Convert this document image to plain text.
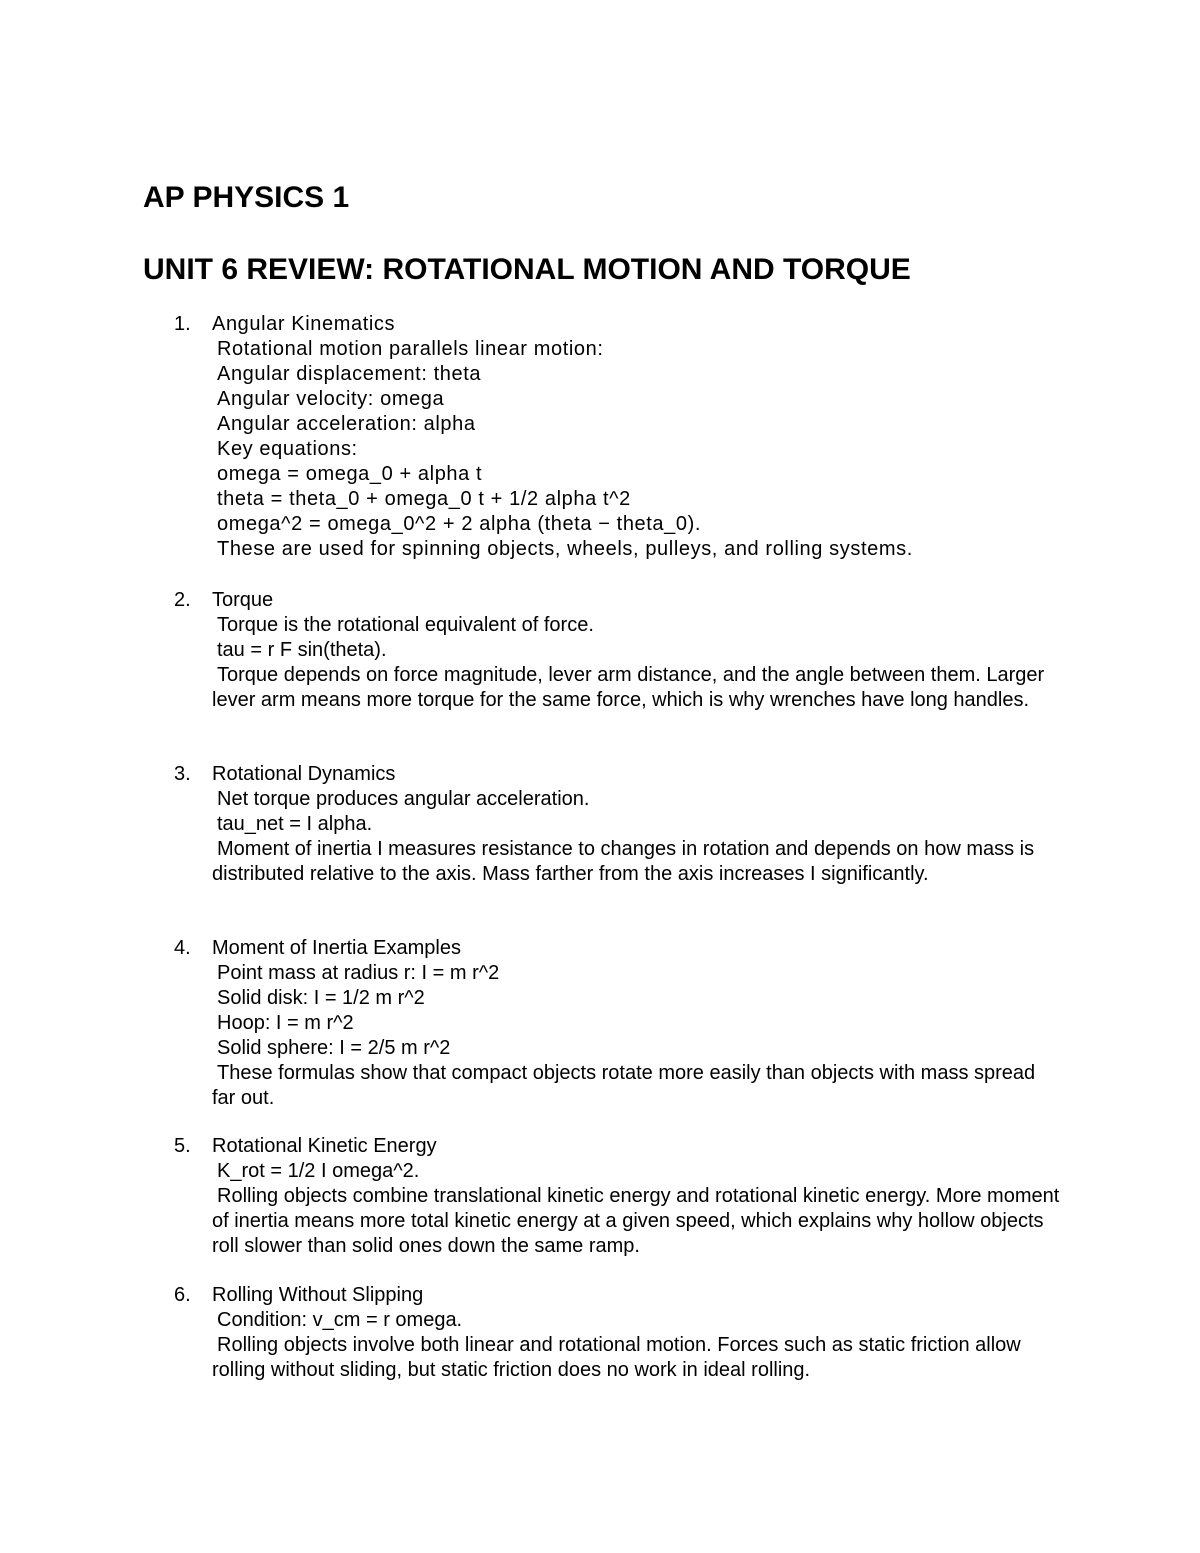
AP PHYSICS 1
UNIT 6 REVIEW: ROTATIONAL MOTION AND TORQUE
1. Angular Kinematics

Rotational motion parallels linear motion:

Angular displacement: theta

Angular velocity: omega

Angular acceleration: alpha

Key equations:

omega = omega_0 + alpha t

theta = theta_0 + omega_0 t + 1/2 alpha t^2

omega^2 = omega_0^2 + 2 alpha (theta − theta_0).

These are used for spinning objects, wheels, pulleys, and rolling systems.

2. Torque

Torque is the rotational equivalent of force.

tau = r F sin(theta).

Torque depends on force magnitude, lever arm distance, and the angle between them. Larger lever arm means more torque for the same force, which is why wrenches have long handles.

3. Rotational Dynamics

Net torque produces angular acceleration.

tau_net = I alpha.

Moment of inertia I measures resistance to changes in rotation and depends on how mass is distributed relative to the axis. Mass farther from the axis increases I significantly.

4. Moment of Inertia Examples

Point mass at radius r: I = m r^2

Solid disk: I = 1/2 m r^2

Hoop: I = m r^2

Solid sphere: I = 2/5 m r^2

These formulas show that compact objects rotate more easily than objects with mass spread far out.

5. Rotational Kinetic Energy

K_rot = 1/2 I omega^2.

Rolling objects combine translational kinetic energy and rotational kinetic energy. More moment of inertia means more total kinetic energy at a given speed, which explains why hollow objects roll slower than solid ones down the same ramp.

6. Rolling Without Slipping

Condition: v_cm = r omega.

Rolling objects involve both linear and rotational motion. Forces such as static friction allow rolling without sliding, but static friction does no work in ideal rolling.
